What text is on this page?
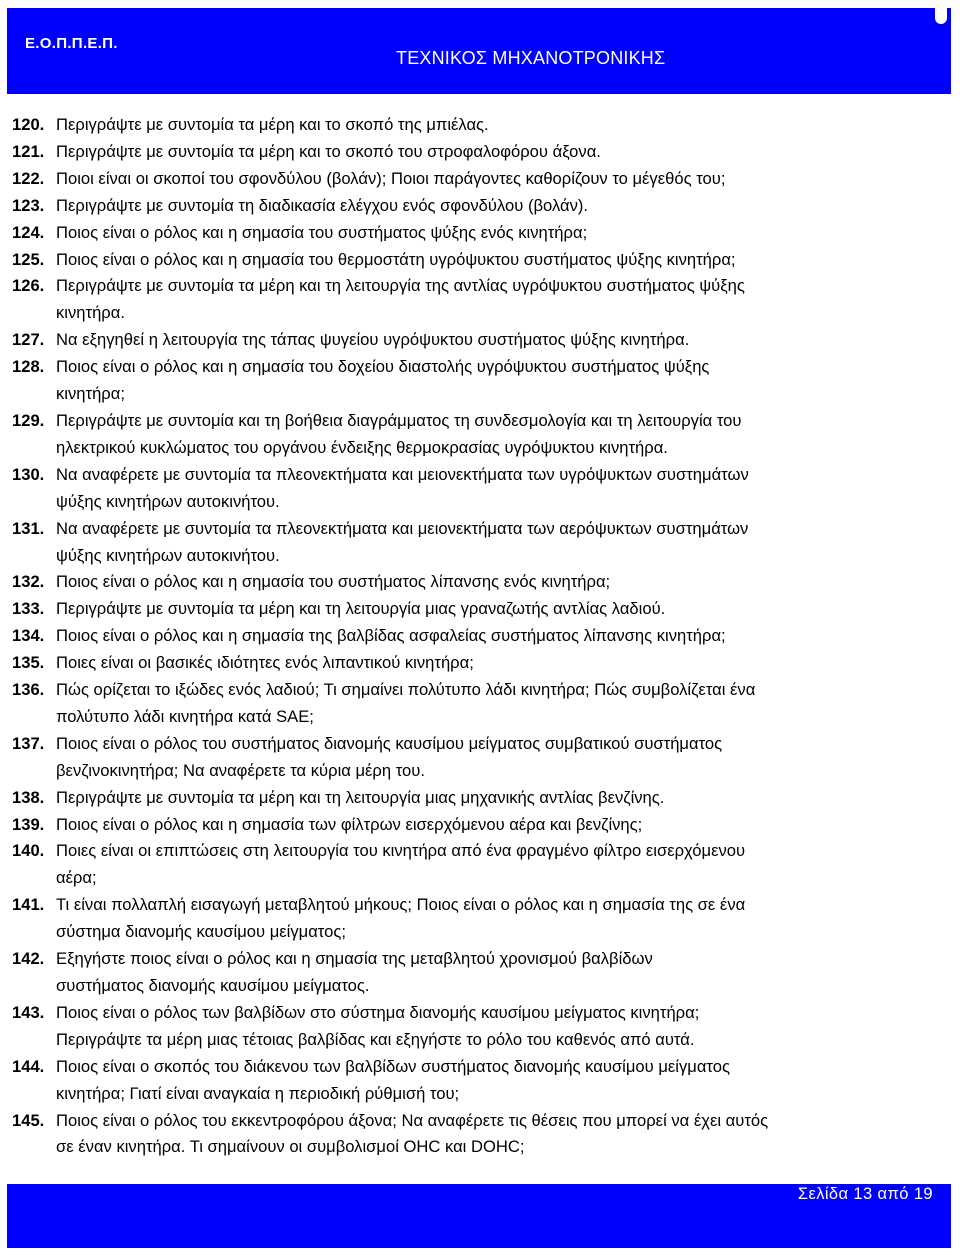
Ε.Ο.Π.Π.Ε.Π.
ΤΕΧΝΙΚΟΣ ΜΗΧΑΝΟΤΡΟΝΙΚΗΣ
120. Περιγράψτε με συντομία τα μέρη και το σκοπό της μπιέλας.
121. Περιγράψτε με συντομία τα μέρη και το σκοπό του στροφαλοφόρου άξονα.
122. Ποιοι είναι οι σκοποί του σφονδύλου (βολάν); Ποιοι παράγοντες καθορίζουν το μέγεθός του;
123. Περιγράψτε με συντομία τη διαδικασία ελέγχου ενός σφονδύλου (βολάν).
124. Ποιος είναι ο ρόλος και η σημασία του συστήματος ψύξης ενός κινητήρα;
125. Ποιος είναι ο ρόλος και η σημασία του θερμοστάτη υγρόψυκτου συστήματος ψύξης κινητήρα;
126. Περιγράψτε με συντομία τα μέρη και τη λειτουργία της αντλίας υγρόψυκτου συστήματος ψύξης
κινητήρα.
127. Να εξηγηθεί η λειτουργία της τάπας ψυγείου υγρόψυκτου συστήματος ψύξης κινητήρα.
128. Ποιος είναι ο ρόλος και η σημασία του δοχείου διαστολής υγρόψυκτου συστήματος ψύξης
κινητήρα;
129. Περιγράψτε με συντομία και τη βοήθεια διαγράμματος τη συνδεσμολογία και τη λειτουργία του
ηλεκτρικού κυκλώματος του οργάνου ένδειξης θερμοκρασίας υγρόψυκτου κινητήρα.
130. Να αναφέρετε με συντομία τα πλεονεκτήματα και μειονεκτήματα των υγρόψυκτων συστημάτων
ψύξης κινητήρων αυτοκινήτου.
131. Να αναφέρετε με συντομία τα πλεονεκτήματα και μειονεκτήματα των αερόψυκτων συστημάτων
ψύξης κινητήρων αυτοκινήτου.
132. Ποιος είναι ο ρόλος και η σημασία του συστήματος λίπανσης ενός κινητήρα;
133. Περιγράψτε με συντομία τα μέρη και τη λειτουργία μιας γραναζωτής αντλίας λαδιού.
134. Ποιος είναι ο ρόλος και η σημασία της βαλβίδας ασφαλείας συστήματος λίπανσης κινητήρα;
135. Ποιες είναι οι βασικές ιδιότητες ενός λιπαντικού κινητήρα;
136. Πώς ορίζεται το ιξώδες ενός λαδιού; Τι σημαίνει πολύτυπο λάδι κινητήρα; Πώς συμβολίζεται ένα
πολύτυπο λάδι κινητήρα κατά SAE;
137. Ποιος είναι ο ρόλος του συστήματος διανομής καυσίμου μείγματος συμβατικού συστήματος
βενζινοκινητήρα; Να αναφέρετε τα κύρια μέρη του.
138. Περιγράψτε με συντομία τα μέρη και τη λειτουργία μιας μηχανικής αντλίας βενζίνης.
139. Ποιος είναι ο ρόλος και η σημασία των φίλτρων εισερχόμενου αέρα και βενζίνης;
140. Ποιες είναι οι επιπτώσεις στη λειτουργία του κινητήρα από ένα φραγμένο φίλτρο εισερχόμενου
αέρα;
141. Τι είναι πολλαπλή εισαγωγή μεταβλητού μήκους; Ποιος είναι ο ρόλος και η σημασία της σε ένα
σύστημα διανομής καυσίμου μείγματος;
142. Εξηγήστε ποιος είναι ο ρόλος και η σημασία της μεταβλητού χρονισμού βαλβίδων
συστήματος διανομής καυσίμου μείγματος.
143. Ποιος είναι ο ρόλος των βαλβίδων στο σύστημα διανομής καυσίμου μείγματος κινητήρα;
Περιγράψτε τα μέρη μιας τέτοιας βαλβίδας και εξηγήστε το ρόλο του καθενός από αυτά.
144. Ποιος είναι ο σκοπός του διάκενου των βαλβίδων συστήματος διανομής καυσίμου μείγματος
κινητήρα; Γιατί είναι αναγκαία η περιοδική ρύθμισή του;
145. Ποιος είναι ο ρόλος του εκκεντροφόρου άξονα; Να αναφέρετε τις θέσεις που μπορεί να έχει αυτός
σε έναν κινητήρα. Τι σημαίνουν οι συμβολισμοί OHC και DOHC;
Σελίδα 13 από 19
